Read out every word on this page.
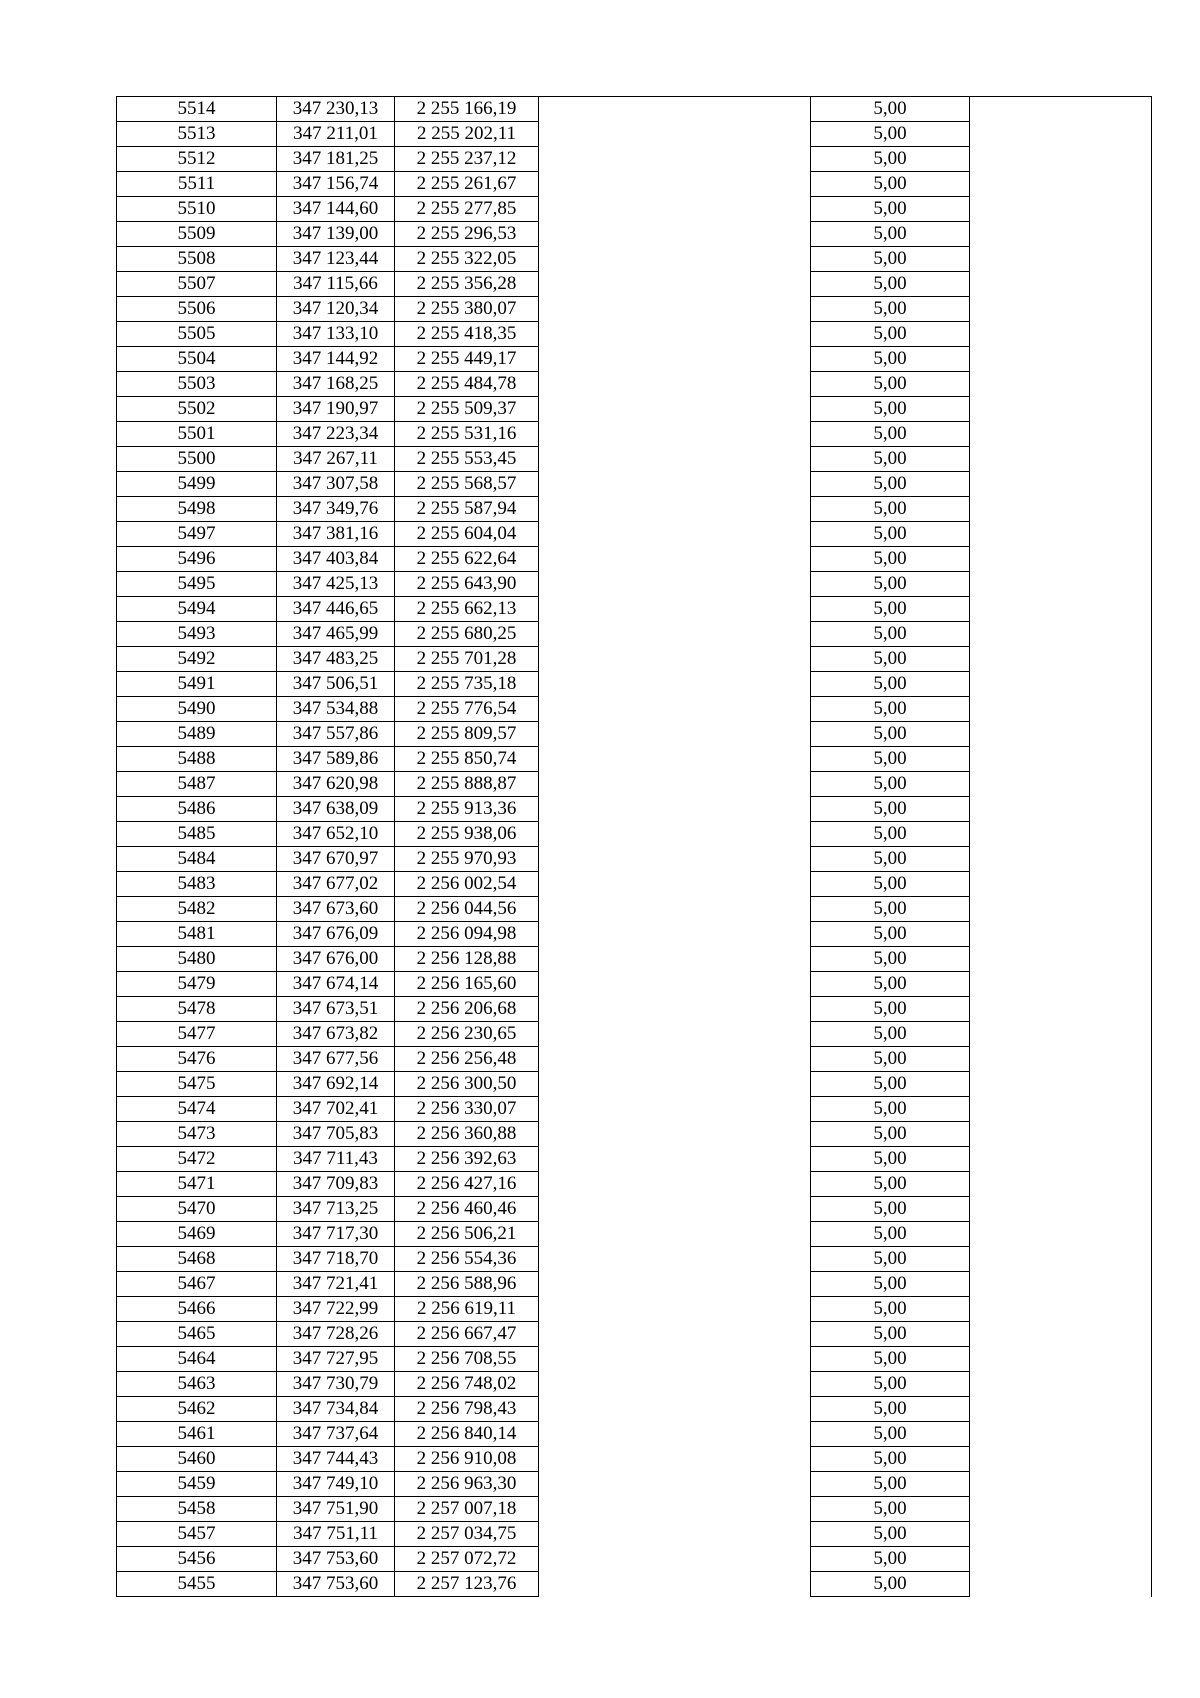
5514	347 230,13	2 255 166,19		5,00	
5513	347 211,01	2 255 202,11		5,00	
5512	347 181,25	2 255 237,12		5,00	
5511	347 156,74	2 255 261,67		5,00	
5510	347 144,60	2 255 277,85		5,00	
5509	347 139,00	2 255 296,53		5,00	
5508	347 123,44	2 255 322,05		5,00	
5507	347 115,66	2 255 356,28		5,00	
5506	347 120,34	2 255 380,07		5,00	
5505	347 133,10	2 255 418,35		5,00	
5504	347 144,92	2 255 449,17		5,00	
5503	347 168,25	2 255 484,78		5,00	
5502	347 190,97	2 255 509,37		5,00	
5501	347 223,34	2 255 531,16		5,00	
5500	347 267,11	2 255 553,45		5,00	
5499	347 307,58	2 255 568,57		5,00	
5498	347 349,76	2 255 587,94		5,00	
5497	347 381,16	2 255 604,04		5,00	
5496	347 403,84	2 255 622,64		5,00	
5495	347 425,13	2 255 643,90		5,00	
5494	347 446,65	2 255 662,13		5,00	
5493	347 465,99	2 255 680,25		5,00	
5492	347 483,25	2 255 701,28		5,00	
5491	347 506,51	2 255 735,18		5,00	
5490	347 534,88	2 255 776,54		5,00	
5489	347 557,86	2 255 809,57		5,00	
5488	347 589,86	2 255 850,74		5,00	
5487	347 620,98	2 255 888,87		5,00	
5486	347 638,09	2 255 913,36		5,00	
5485	347 652,10	2 255 938,06		5,00	
5484	347 670,97	2 255 970,93		5,00	
5483	347 677,02	2 256 002,54		5,00	
5482	347 673,60	2 256 044,56		5,00	
5481	347 676,09	2 256 094,98		5,00	
5480	347 676,00	2 256 128,88		5,00	
5479	347 674,14	2 256 165,60		5,00	
5478	347 673,51	2 256 206,68		5,00	
5477	347 673,82	2 256 230,65		5,00	
5476	347 677,56	2 256 256,48		5,00	
5475	347 692,14	2 256 300,50		5,00	
5474	347 702,41	2 256 330,07		5,00	
5473	347 705,83	2 256 360,88		5,00	
5472	347 711,43	2 256 392,63		5,00	
5471	347 709,83	2 256 427,16		5,00	
5470	347 713,25	2 256 460,46		5,00	
5469	347 717,30	2 256 506,21		5,00	
5468	347 718,70	2 256 554,36		5,00	
5467	347 721,41	2 256 588,96		5,00	
5466	347 722,99	2 256 619,11		5,00	
5465	347 728,26	2 256 667,47		5,00	
5464	347 727,95	2 256 708,55		5,00	
5463	347 730,79	2 256 748,02		5,00	
5462	347 734,84	2 256 798,43		5,00	
5461	347 737,64	2 256 840,14		5,00	
5460	347 744,43	2 256 910,08		5,00	
5459	347 749,10	2 256 963,30		5,00	
5458	347 751,90	2 257 007,18		5,00	
5457	347 751,11	2 257 034,75		5,00	
5456	347 753,60	2 257 072,72		5,00	
5455	347 753,60	2 257 123,76		5,00	
